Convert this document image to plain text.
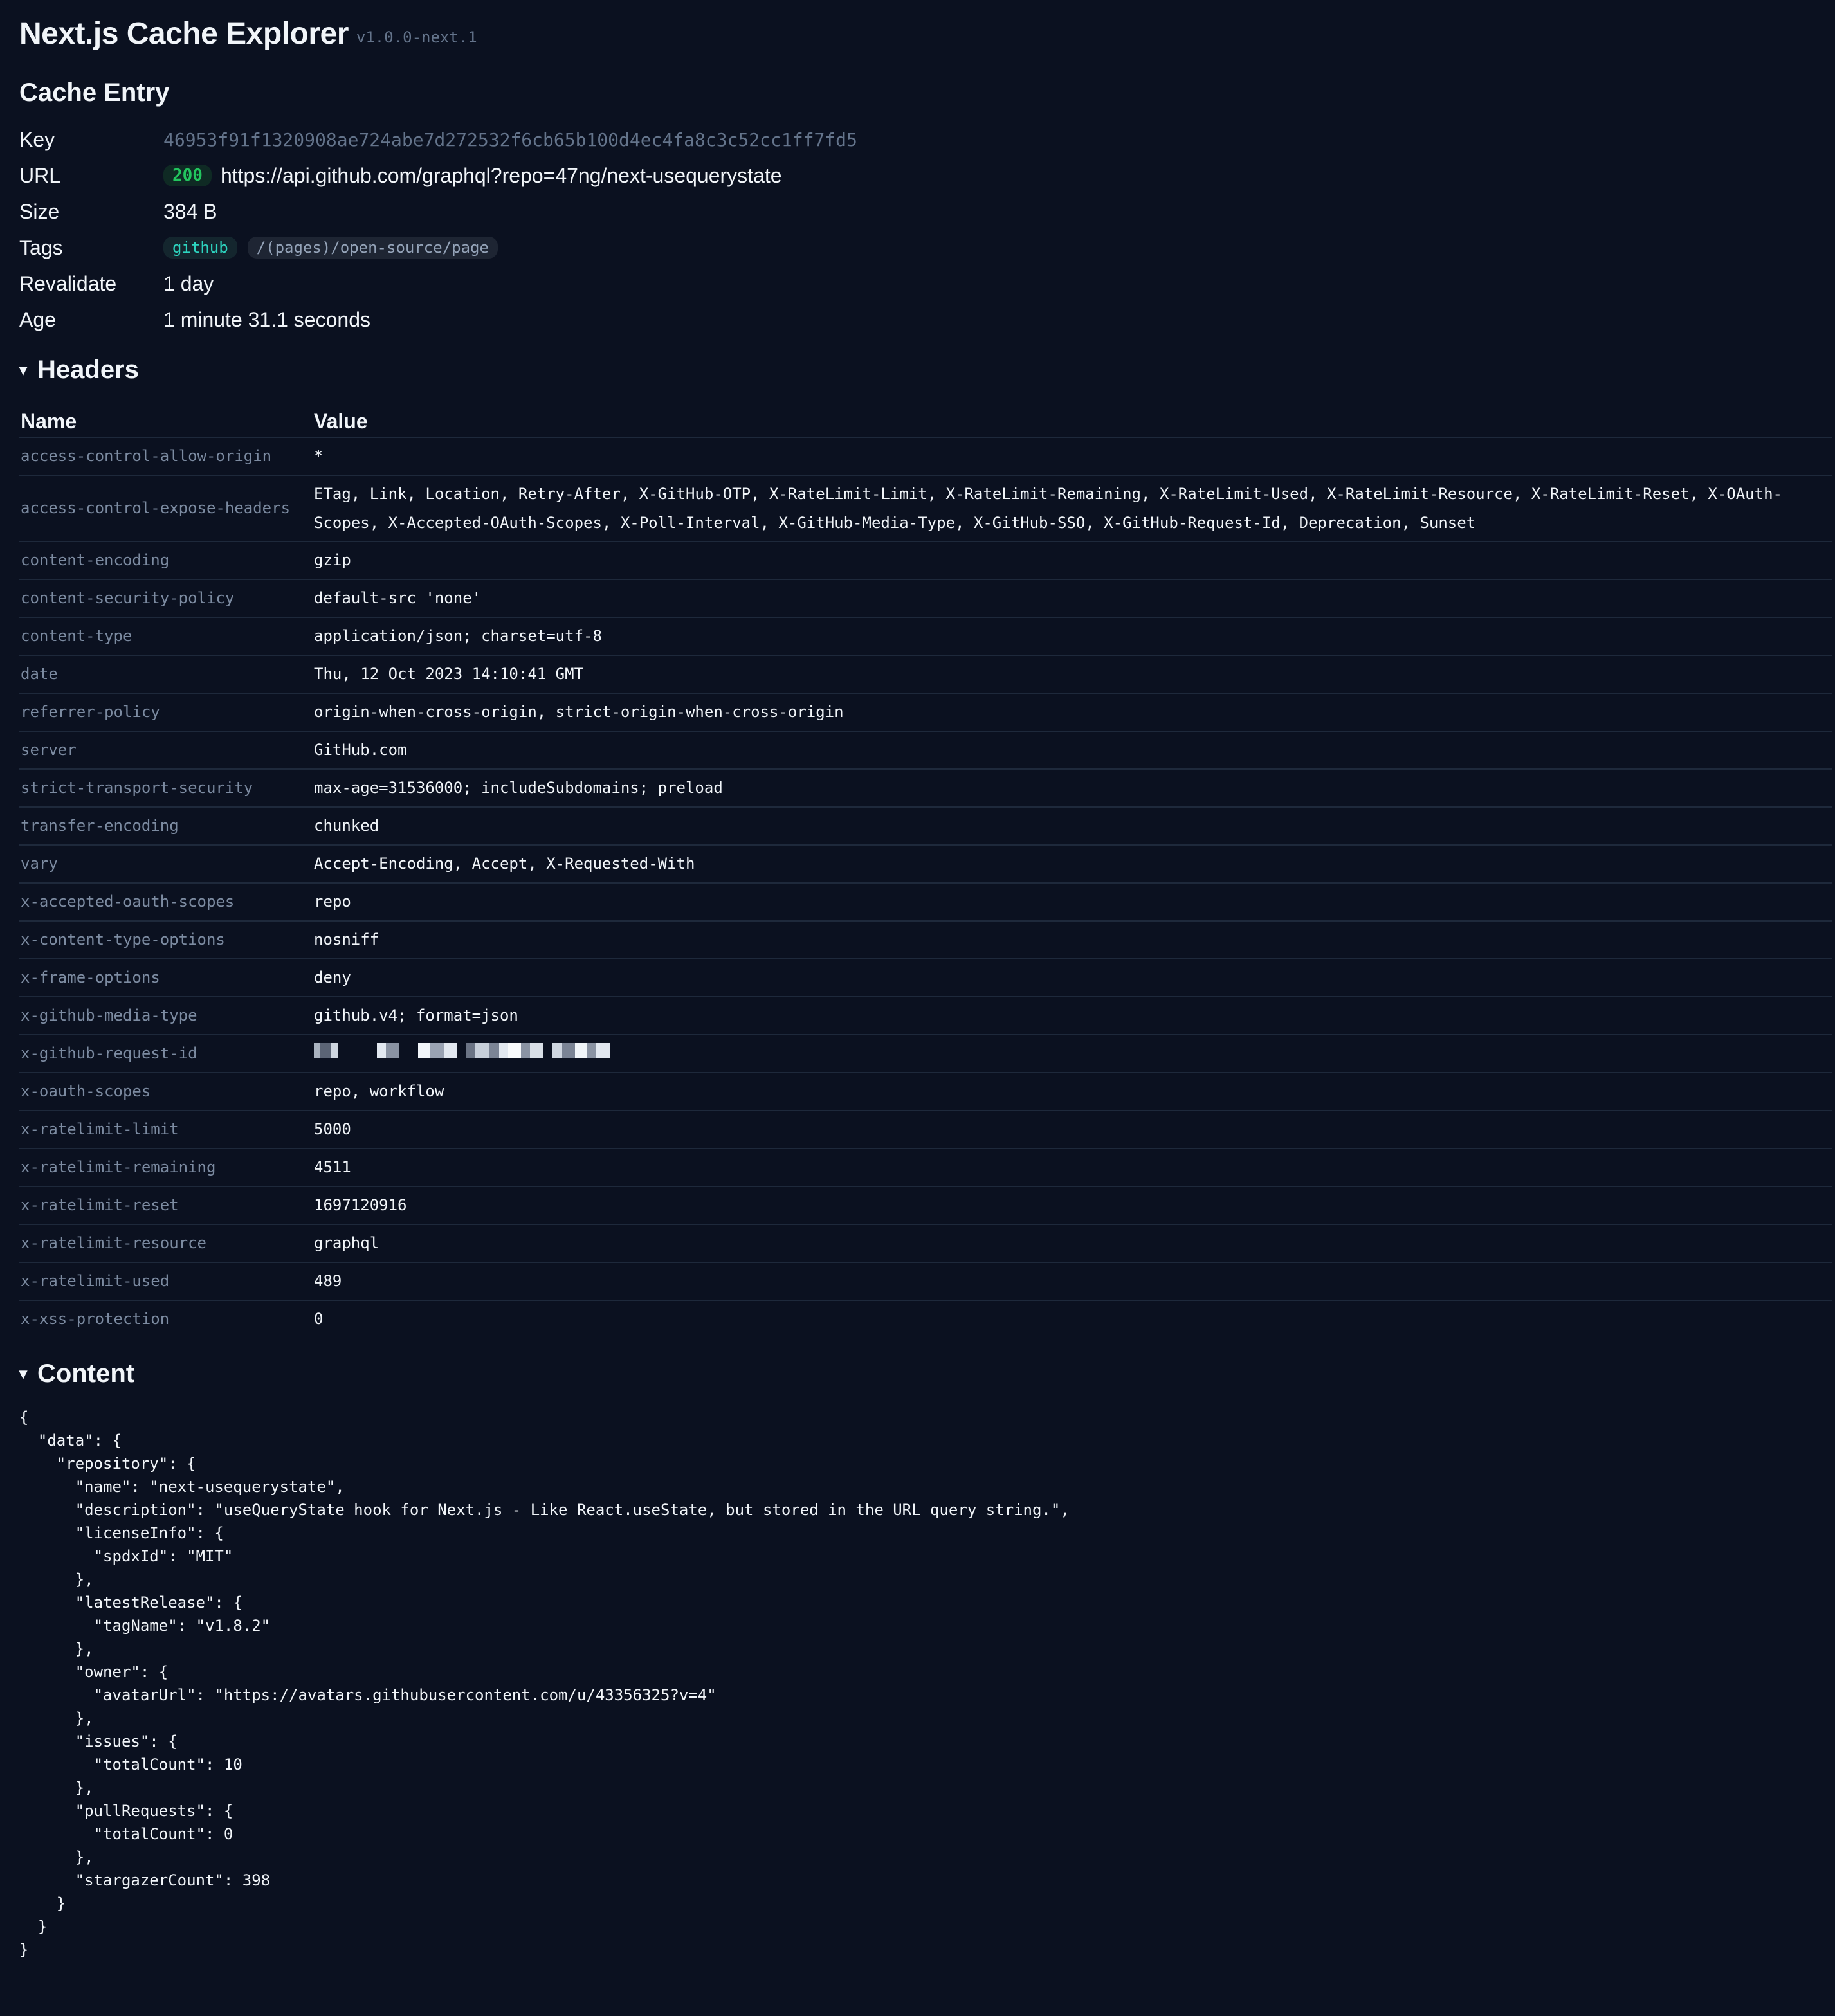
Next.js Cache Explorer v1.0.0-next.1
Cache Entry
Key	46953f91f1320908ae724abe7d272532f6cb65b100d4ec4fa8c3c52cc1ff7fd5
URL	200 https://api.github.com/graphql?repo=47ng/next-usequerystate
Size	384 B
Tags	github	/(pages)/open-source/page
Revalidate	1 day
Age	1 minute 31.1 seconds
▾ Headers
Name	Value
access-control-allow-origin	*
access-control-expose-headers	ETag, Link, Location, Retry-After, X-GitHub-OTP, X-RateLimit-Limit, X-RateLimit-Remaining, X-RateLimit-Used, X-RateLimit-Resource, X-RateLimit-Reset, X-OAuth-
Scopes, X-Accepted-OAuth-Scopes, X-Poll-Interval, X-GitHub-Media-Type, X-GitHub-SSO, X-GitHub-Request-Id, Deprecation, Sunset

content-encoding	gzip
content-security-policy	default-src 'none'
content-type	application/json; charset=utf-8
date	Thu, 12 Oct 2023 14:10:41 GMT
referrer-policy	origin-when-cross-origin, strict-origin-when-cross-origin
server	GitHub.com
strict-transport-security	max-age=31536000; includeSubdomains; preload
transfer-encoding	chunked
vary	Accept-Encoding, Accept, X-Requested-With
x-accepted-oauth-scopes	repo
x-content-type-options	nosniff
x-frame-options	deny
x-github-media-type	github.v4; format=json
x-github-request-id	

x-oauth-scopes	repo, workflow
x-ratelimit-limit	5000
x-ratelimit-remaining	4511
x-ratelimit-reset	1697120916
x-ratelimit-resource	graphql
x-ratelimit-used	489
x-xss-protection	0
▾ Content
{
"data": {
"repository": {
"name": "next-usequerystate",
"description": "useQueryState hook for Next.js - Like React.useState, but stored in the URL query string.",
"licenseInfo": {
"spdxId": "MIT"
},
"latestRelease": {
"tagName": "v1.8.2"
},
"owner": {
"avatarUrl": "https://avatars.githubusercontent.com/u/43356325?v=4"
},
"issues": {
"totalCount": 10
},
"pullRequests": {
"totalCount": 0
},
"stargazerCount": 398
}
}
}
